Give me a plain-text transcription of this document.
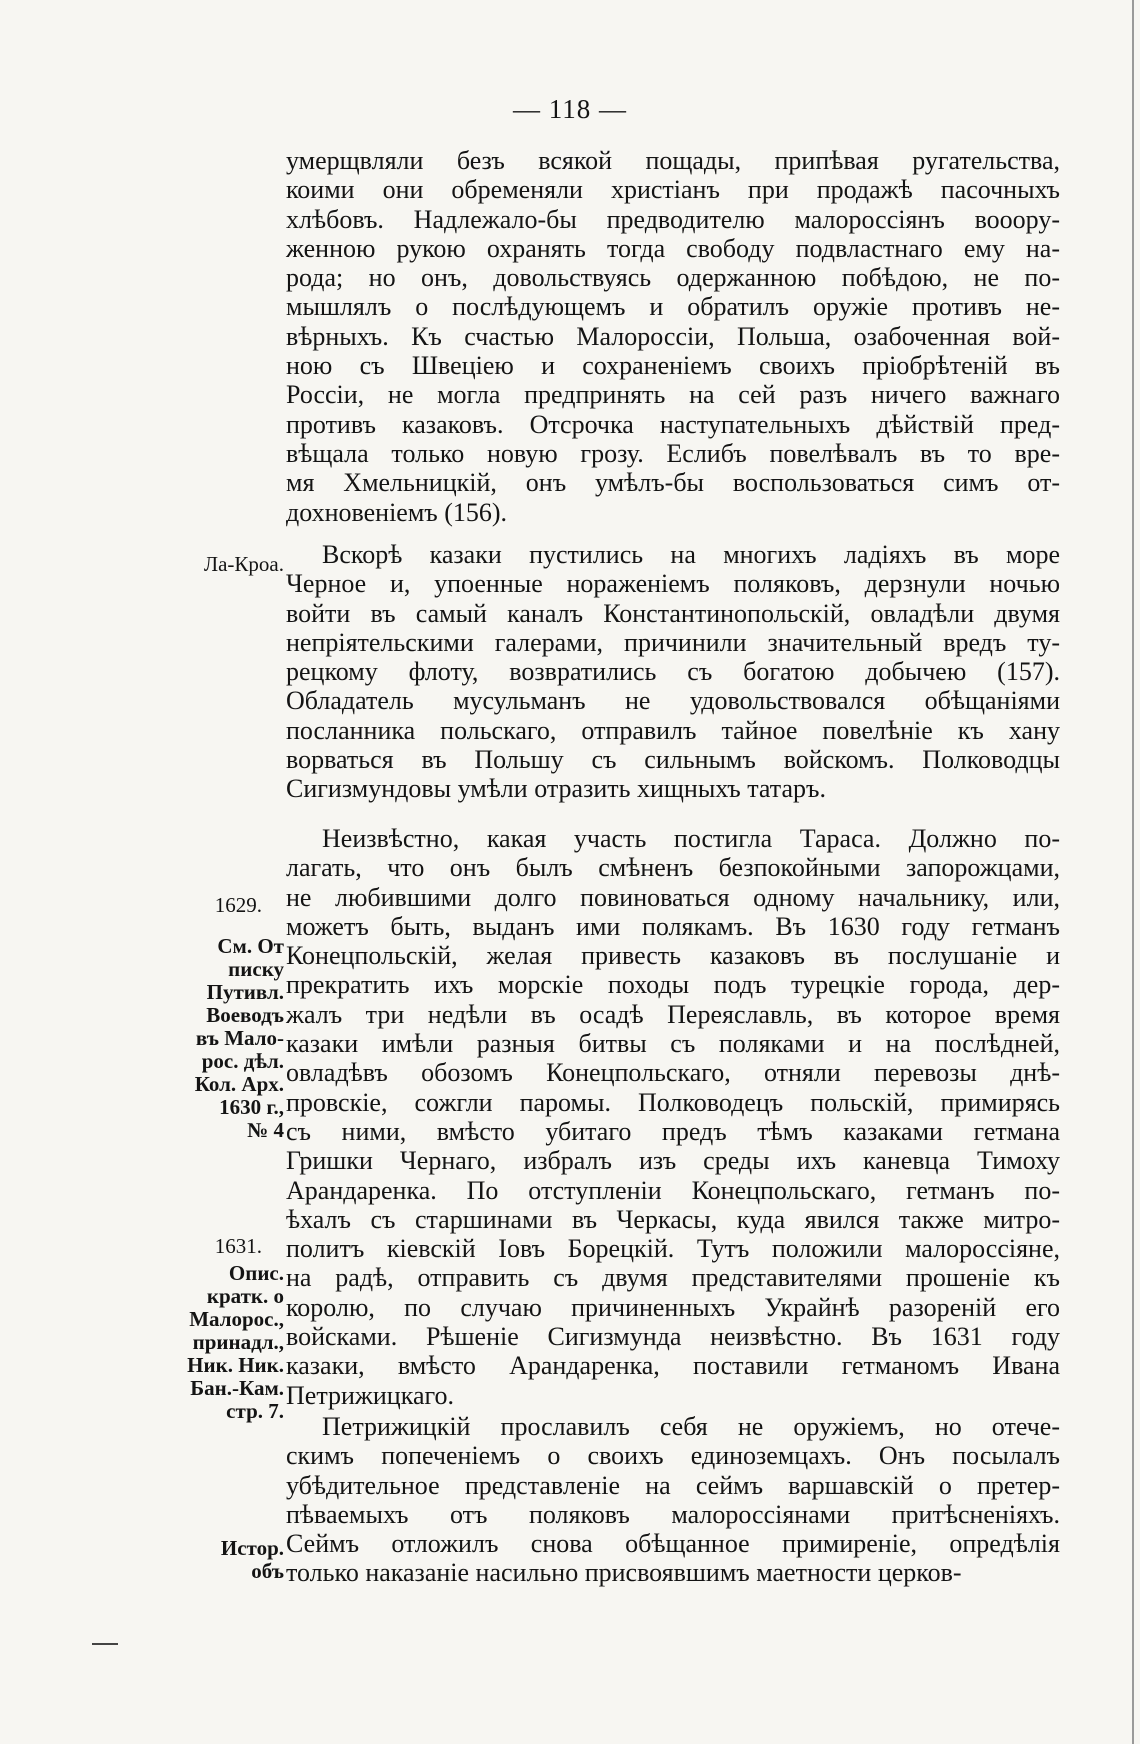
— 118 —
умерщвляли безъ всякой пощады, припѣвая ругательства,
коими они обременяли христіанъ при продажѣ пасочныхъ
хлѣбовъ. Надлежало-бы предводителю малороссіянъ вооору-
женною рукою охранять тогда свободу подвластнаго ему на-
рода; но онъ, довольствуясь одержанною побѣдою, не по-
мышлялъ о послѣдующемъ и обратилъ оружіе противъ не-
вѣрныхъ. Къ счастью Малороссіи, Польша, озабоченная вой-
ною съ Швеціею и сохраненіемъ своихъ пріобрѣтеній въ
Россіи, не могла предпринять на сей разъ ничего важнаго
противъ казаковъ. Отсрочка наступательныхъ дѣйствій пред-
вѣщала только новую грозу. Еслибъ повелѣвалъ въ то вре-
мя Хмельницкій, онъ умѣлъ-бы воспользоваться симъ от-
дохновеніемъ (156).
Вскорѣ казаки пустились на многихъ ладіяхъ въ море
Черное и, упоенные нораженіемъ поляковъ, дерзнули ночью
войти въ самый каналъ Константинопольскій, овладѣли двумя
непріятельскими галерами, причинили значительный вредъ ту-
рецкому флоту, возвратились съ богатою добычею (157).
Обладатель мусульманъ не удовольствовался обѣщаніями
посланника польскаго, отправилъ тайное повелѣніе къ хану
ворваться въ Польшу съ сильнымъ войскомъ. Полководцы
Сигизмундовы умѣли отразить хищныхъ татаръ.
Неизвѣстно, какая участь постигла Тараса. Должно по-
лагать, что онъ былъ смѣненъ безпокойными запорожцами,
не любившими долго повиноваться одному начальнику, или,
можетъ быть, выданъ ими полякамъ. Въ 1630 году гетманъ
Конецпольскій, желая привесть казаковъ въ послушаніе и
прекратить ихъ морскіе походы подъ турецкіе города, дер-
жалъ три недѣли въ осадѣ Переяславль, въ которое время
казаки имѣли разныя битвы съ поляками и на послѣдней,
овладѣвъ обозомъ Конецпольскаго, отняли перевозы днѣ-
провскіе, сожгли паромы. Полководецъ польскій, примирясь
съ ними, вмѣсто убитаго предъ тѣмъ казаками гетмана
Гришки Чернаго, избралъ изъ среды ихъ каневца Тимоху
Арандаренка. По отступленіи Конецпольскаго, гетманъ по-
ѣхалъ съ старшинами въ Черкасы, куда явился также митро-
политъ кіевскій Іовъ Борецкій. Тутъ положили малороссіяне,
на радѣ, отправить съ двумя представителями прошеніе къ
королю, по случаю причиненныхъ Украйнѣ разореній его
войсками. Рѣшеніе Сигизмунда неизвѣстно. Въ 1631 году
казаки, вмѣсто Арандаренка, поставили гетманомъ Ивана
Петрижицкаго.
Петрижицкій прославилъ себя не оружіемъ, но отече-
скимъ попеченіемъ о своихъ единоземцахъ. Онъ посылалъ
убѣдительное представленіе на сеймъ варшавскій о претер-
пѣваемыхъ отъ поляковъ малороссіянами притѣсненіяхъ.
Сеймъ отложилъ снова обѣщанное примиреніе, опредѣлія
только наказаніе насильно присвоявшимъ маетности церков-
Ла-Кроа.
1629.
См. От
писку
Путивл.
Воеводъ
въ Мало-
рос. дѣл.
Кол. Арх.
1630 г.,
№ 4
1631.
Опис.
кратк. о
Малорос.,
принадл.,
Ник. Ник.
Бан.-Кам.
стр. 7.
Истор.
объ
